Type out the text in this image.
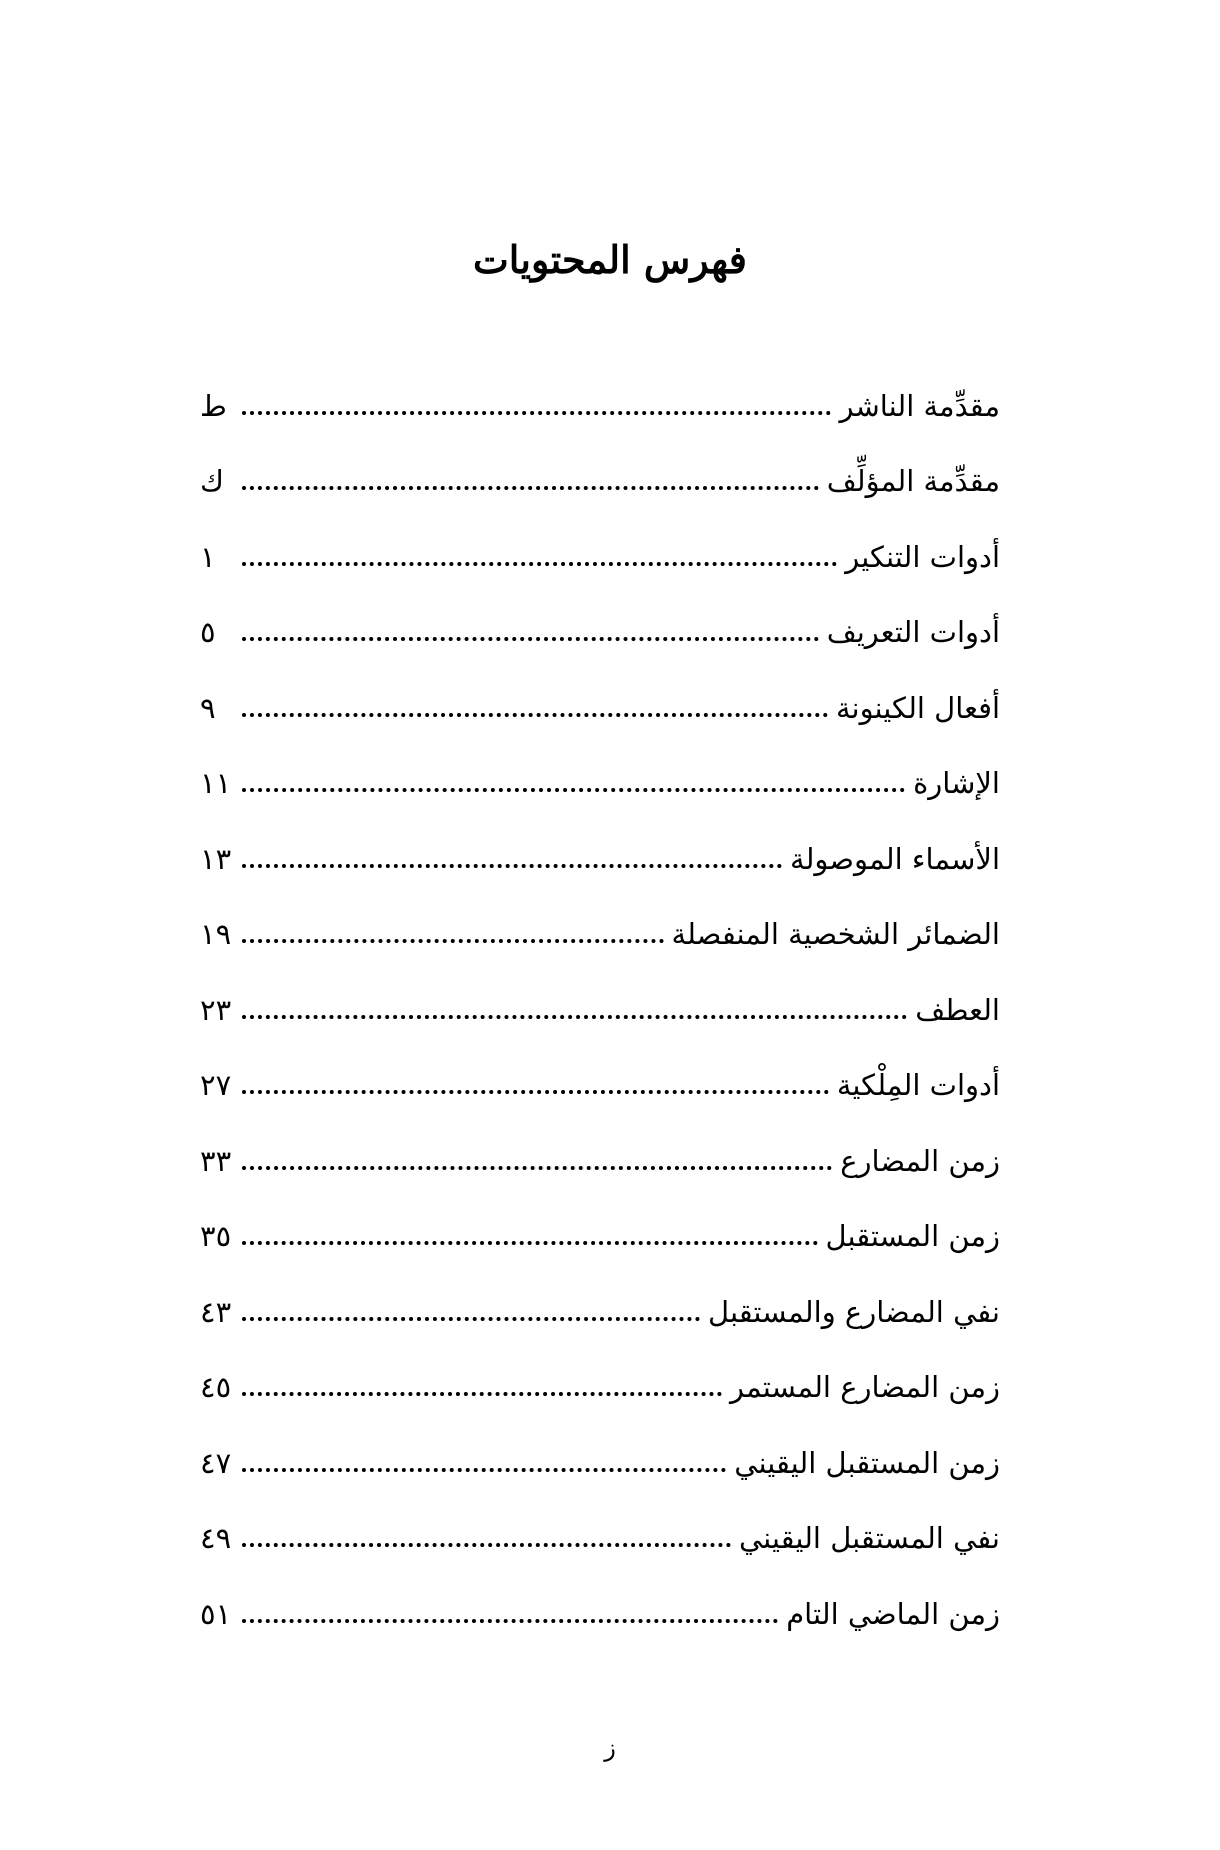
فهرس المحتويات
مقدِّمة الناشر
ط
مقدِّمة المؤلِّف
ك
أدوات التنكير
١
أدوات التعريف
٥
أفعال الكينونة
٩
الإشارة
١١
الأسماء الموصولة
١٣
الضمائر الشخصية المنفصلة
١٩
العطف
٢٣
أدوات المِلْكية
٢٧
زمن المضارع
٣٣
زمن المستقبل
٣٥
نفي المضارع والمستقبل
٤٣
زمن المضارع المستمر
٤٥
زمن المستقبل اليقيني
٤٧
نفي المستقبل اليقيني
٤٩
زمن الماضي التام
٥١
ز
